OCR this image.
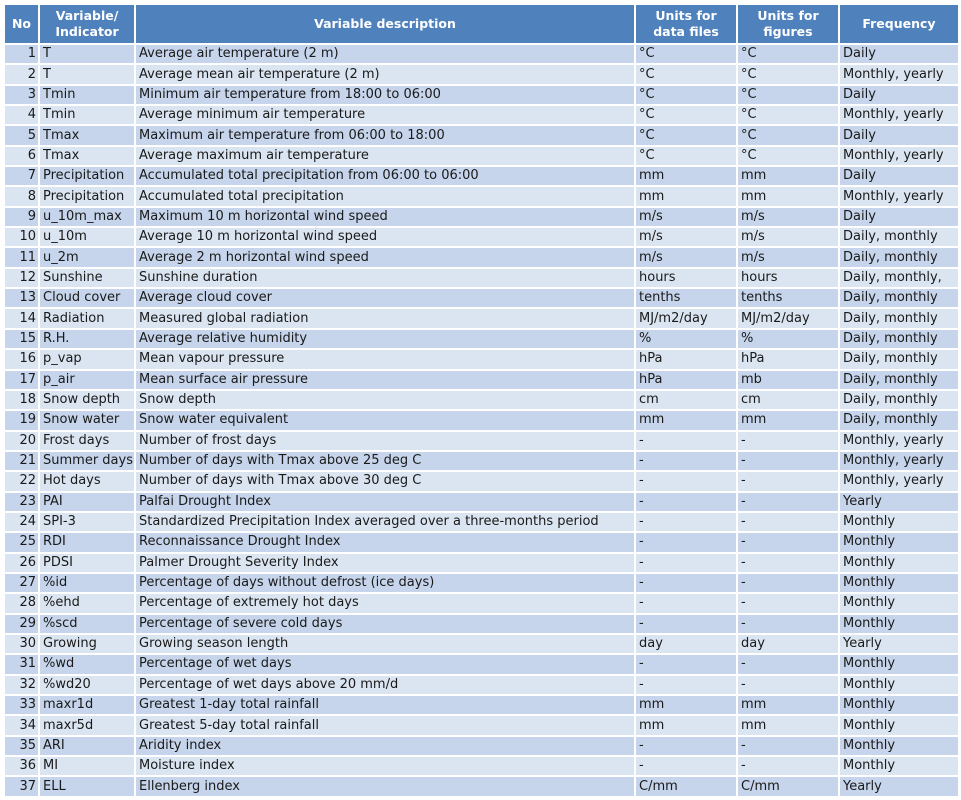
No	Variable/ Indicator	Variable description	Units for data files	Units for figures	Frequency
1	T	Average air temperature (2 m)	°C	°C	Daily
2	T	Average mean air temperature (2 m)	°C	°C	Monthly, yearly
3	Tmin	Minimum air temperature from 18:00 to 06:00	°C	°C	Daily
4	Tmin	Average minimum air temperature	°C	°C	Monthly, yearly
5	Tmax	Maximum air temperature from 06:00 to 18:00	°C	°C	Daily
6	Tmax	Average maximum air temperature	°C	°C	Monthly, yearly
7	Precipitation	Accumulated total precipitation from 06:00 to 06:00	mm	mm	Daily
8	Precipitation	Accumulated total precipitation	mm	mm	Monthly, yearly
9	u_10m_max	Maximum 10 m horizontal wind speed	m/s	m/s	Daily
10	u_10m	Average 10 m horizontal wind speed	m/s	m/s	Daily, monthly
11	u_2m	Average 2 m horizontal wind speed	m/s	m/s	Daily, monthly
12	Sunshine	Sunshine duration	hours	hours	Daily, monthly,
13	Cloud cover	Average cloud cover	tenths	tenths	Daily, monthly
14	Radiation	Measured global radiation	MJ/m2/day	MJ/m2/day	Daily, monthly
15	R.H.	Average relative humidity	%	%	Daily, monthly
16	p_vap	Mean vapour pressure	hPa	hPa	Daily, monthly
17	p_air	Mean surface air pressure	hPa	mb	Daily, monthly
18	Snow depth	Snow depth	cm	cm	Daily, monthly
19	Snow water	Snow water equivalent	mm	mm	Daily, monthly
20	Frost days	Number of frost days	-	-	Monthly, yearly
21	Summer days	Number of days with Tmax above 25 deg C	-	-	Monthly, yearly
22	Hot days	Number of days with Tmax above 30 deg C	-	-	Monthly, yearly
23	PAI	Palfai Drought Index	-	-	Yearly
24	SPI-3	Standardized Precipitation Index averaged over a three-months period	-	-	Monthly
25	RDI	Reconnaissance Drought Index	-	-	Monthly
26	PDSI	Palmer Drought Severity Index	-	-	Monthly
27	%id	Percentage of days without defrost (ice days)	-	-	Monthly
28	%ehd	Percentage of extremely hot days	-	-	Monthly
29	%scd	Percentage of severe cold days	-	-	Monthly
30	Growing	Growing season length	day	day	Yearly
31	%wd	Percentage of wet days	-	-	Monthly
32	%wd20	Percentage of wet days above 20 mm/d	-	-	Monthly
33	maxr1d	Greatest 1-day total rainfall	mm	mm	Monthly
34	maxr5d	Greatest 5-day total rainfall	mm	mm	Monthly
35	ARI	Aridity index	-	-	Monthly
36	MI	Moisture index	-	-	Monthly
37	ELL	Ellenberg index	C/mm	C/mm	Yearly
